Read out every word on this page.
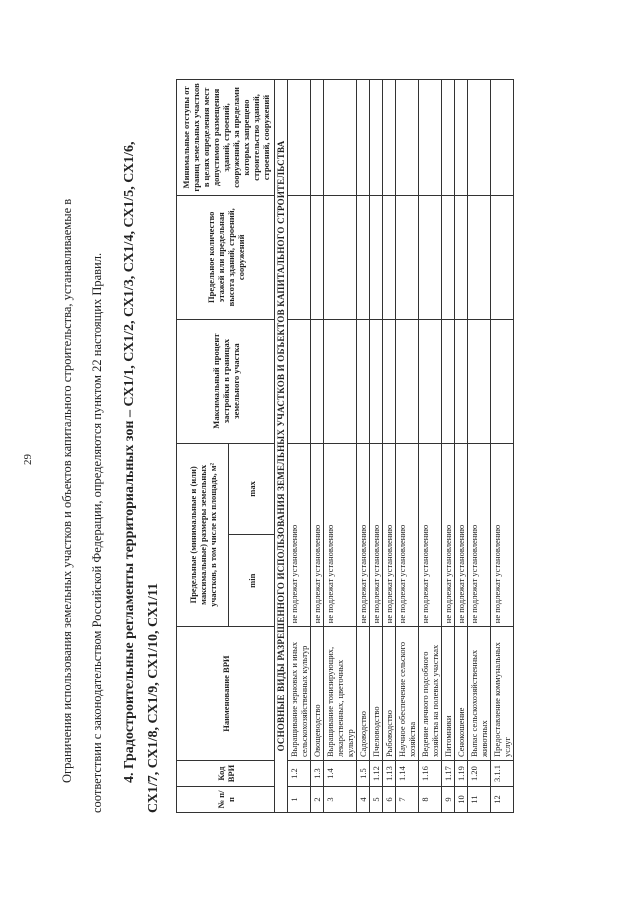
29	Ограничения использования земельных участков и объектов капитального строительства, устанавливаемые в	соответствии с законодательством Российской Федерации, определяются пунктом 22 настоящих Правил.	4. Градостроительные регламенты территориальных зон – СХ1/1, СХ1/2, СХ1/3, СХ1/4, СХ1/5, СХ1/6, СХ1/7, СХ1/8, СХ1/9, СХ1/10, СХ1/11	№ п/п	Код ВРИ	Наименование ВРИ	Предельные (минимальные и (или) максимальные) размеры земельных участков, в том числе их площадь, м²		Максимальный процент застройки в границах земельного участка	Предельное количество этажей или предельная высота зданий, строений, сооружений	Минимальные отступы от границ земельных участков в целях определения мест допустимого размещения зданий, строений, сооружений, за пределами которых запрещено строительство зданий, строений, сооружений
			min	max			
ОСНОВНЫЕ ВИДЫ РАЗРЕШЕННОГО ИСПОЛЬЗОВАНИЯ ЗЕМЕЛЬНЫХ УЧАСТКОВ И ОБЪЕКТОВ КАПИТАЛЬНОГО СТРОИТЕЛЬСТВА							
1	1.2	Выращивание зерновых и иных сельскохозяйственных культур	не подлежат установлению				
2	1.3	Овощеводство	не подлежат установлению				
3	1.4	Выращивание тонизирующих, лекарственных, цветочных культур	не подлежат установлению				
4	1.5	Садоводство	не подлежат установлению				
5	1.12	Пчеловодство	не подлежат установлению				
6	1.13	Рыбоводство	не подлежат установлению				
7	1.14	Научное обеспечение сельского хозяйства	не подлежат установлению				
8	1.16	Ведение личного подсобного хозяйства на полевых участках	не подлежат установлению				
9	1.17	Питомники	не подлежат установлению				
10	1.19	Сенокошение	не подлежат установлению				
11	1.20	Выпас сельскохозяйственных животных	не подлежат установлению				
12	3.1.1	Предоставление коммунальных услуг	не подлежат установлению				
